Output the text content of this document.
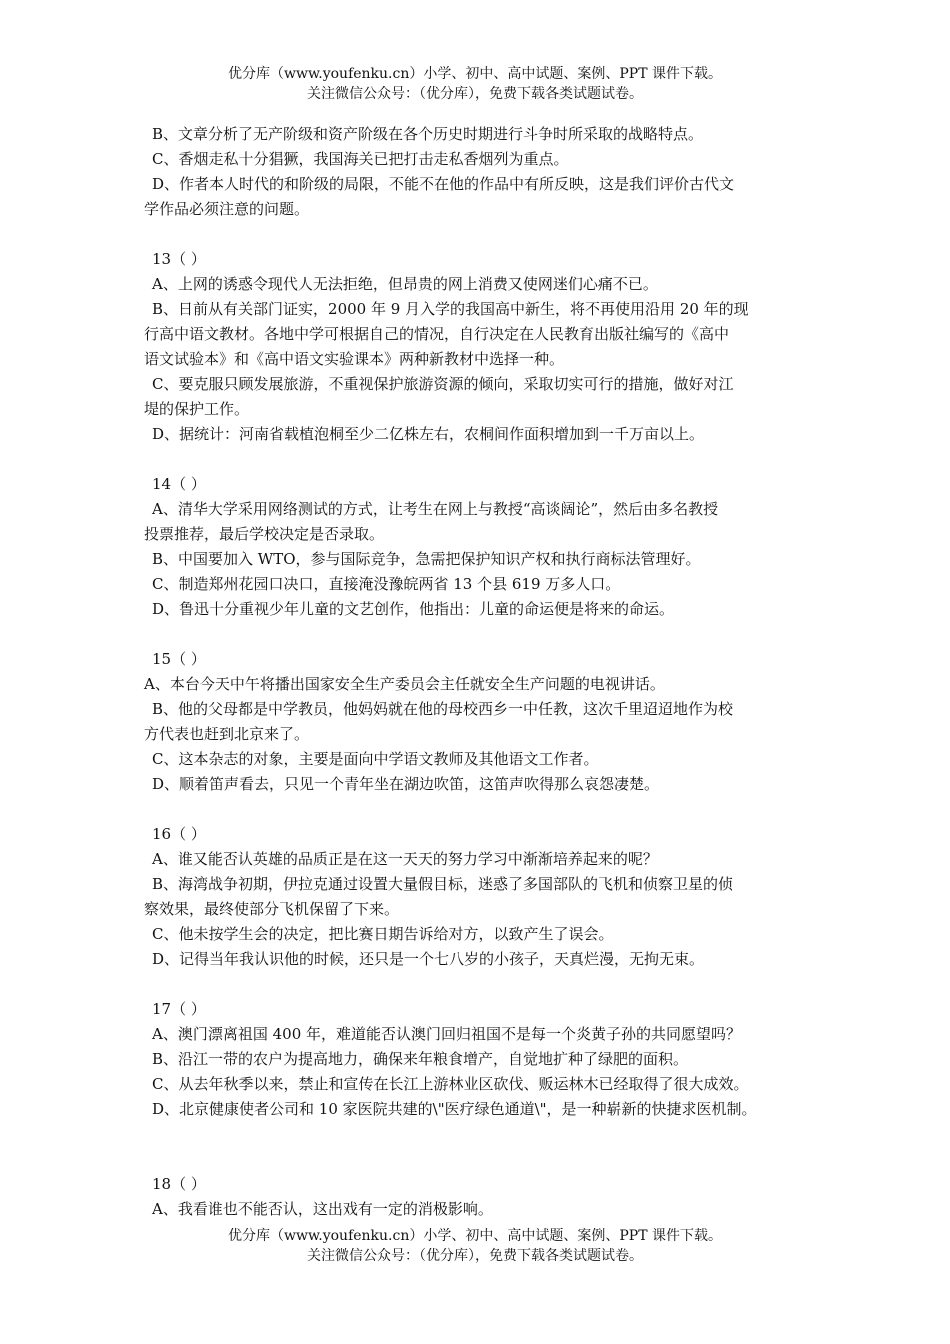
优分库（www.youfenku.cn）小学、初中、高中试题、案例、PPT 课件下载。
关注微信公众号：（优分库），免费下载各类试题试卷。
B、文章分析了无产阶级和资产阶级在各个历史时期进行斗争时所采取的战略特点。
C、香烟走私十分猖獗，我国海关已把打击走私香烟列为重点。
D、作者本人时代的和阶级的局限，不能不在他的作品中有所反映，这是我们评价古代文
学作品必须注意的问题。
13（ ）
A、上网的诱惑令现代人无法拒绝，但昂贵的网上消费又使网迷们心痛不已。
B、日前从有关部门证实，2000 年 9 月入学的我国高中新生，将不再使用沿用 20 年的现
行高中语文教材。各地中学可根据自己的情况，自行决定在人民教育出版社编写的《高中
语文试验本》和《高中语文实验课本》两种新教材中选择一种。
C、要克服只顾发展旅游，不重视保护旅游资源的倾向，采取切实可行的措施，做好对江
堤的保护工作。
D、据统计：河南省载植泡桐至少二亿株左右，农桐间作面积增加到一千万亩以上。
14（ ）
A、清华大学采用网络测试的方式，让考生在网上与教授“高谈阔论”，然后由多名教授
投票推荐，最后学校决定是否录取。
B、中国要加入 WTO，参与国际竞争，急需把保护知识产权和执行商标法管理好。
C、制造郑州花园口决口，直接淹没豫皖两省 13 个县 619 万多人口。
D、鲁迅十分重视少年儿童的文艺创作，他指出：儿童的命运便是将来的命运。
15（ ）
A、本台今天中午将播出国家安全生产委员会主任就安全生产问题的电视讲话。
B、他的父母都是中学教员，他妈妈就在他的母校西乡一中任教，这次千里迢迢地作为校
方代表也赶到北京来了。
C、这本杂志的对象，主要是面向中学语文教师及其他语文工作者。
D、顺着笛声看去，只见一个青年坐在湖边吹笛，这笛声吹得那么哀怨凄楚。
16（ ）
A、谁又能否认英雄的品质正是在这一天天的努力学习中渐渐培养起来的呢？
B、海湾战争初期，伊拉克通过设置大量假目标，迷惑了多国部队的飞机和侦察卫星的侦
察效果，最终使部分飞机保留了下来。
C、他未按学生会的决定，把比赛日期告诉给对方，以致产生了误会。
D、记得当年我认识他的时候，还只是一个七八岁的小孩子，天真烂漫，无拘无束。
17（ ）
A、澳门漂离祖国 400 年，难道能否认澳门回归祖国不是每一个炎黄子孙的共同愿望吗？
B、沿江一带的农户为提高地力，确保来年粮食增产，自觉地扩种了绿肥的面积。
C、从去年秋季以来，禁止和宣传在长江上游林业区砍伐、贩运林木已经取得了很大成效。
D、北京健康使者公司和 10 家医院共建的\"医疗绿色通道\"，是一种崭新的快捷求医机制。
18（ ）
A、我看谁也不能否认，这出戏有一定的消极影响。
优分库（www.youfenku.cn）小学、初中、高中试题、案例、PPT 课件下载。
关注微信公众号：（优分库），免费下载各类试题试卷。
